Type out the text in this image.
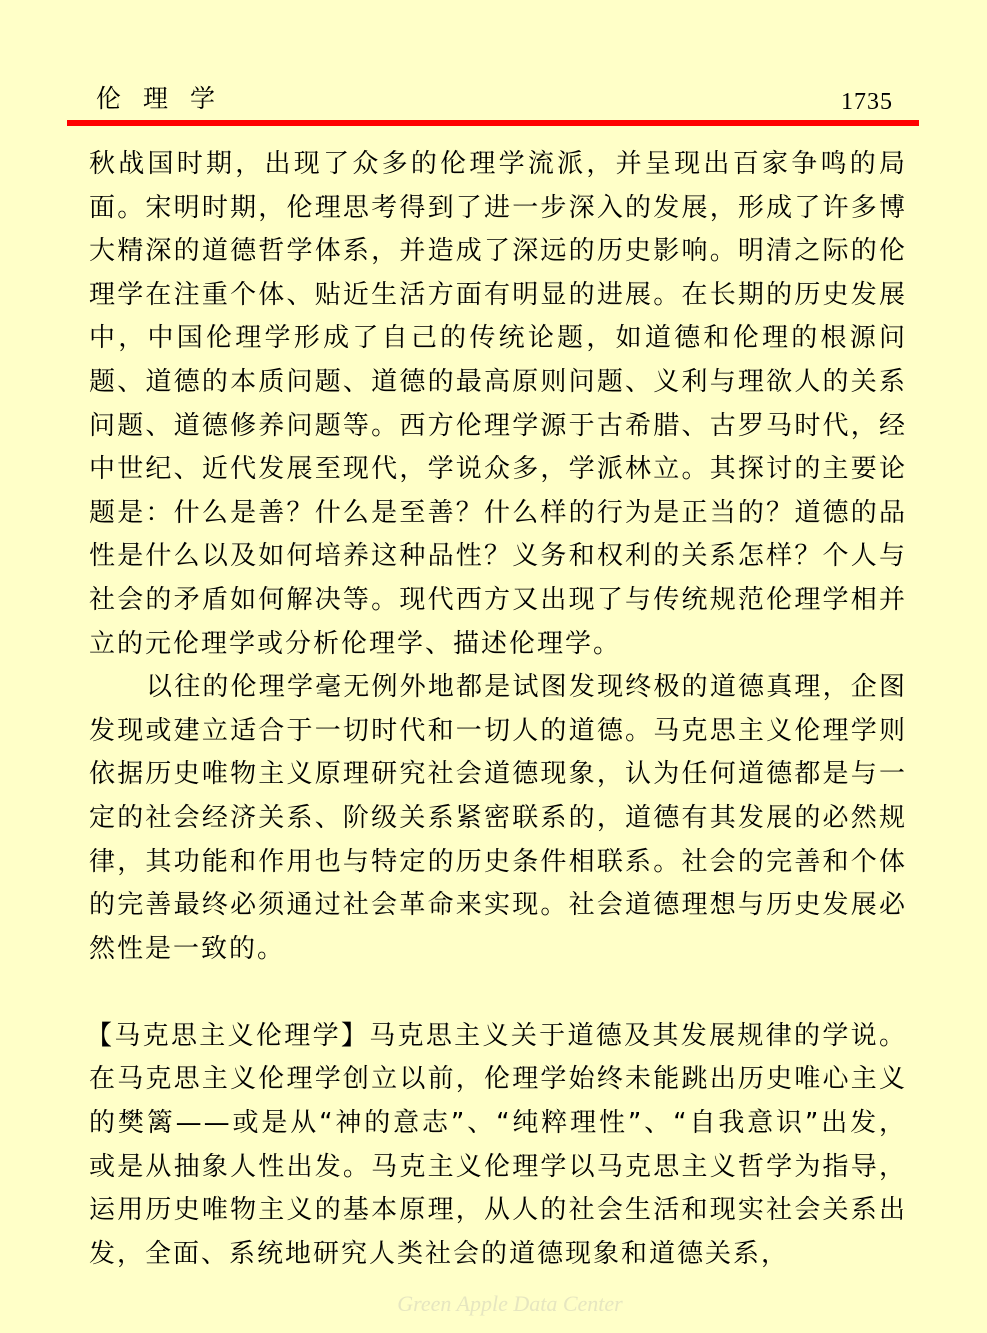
伦理学	1735

秋战国时期，出现了众多的伦理学流派，并呈现出百家争鸣的局面。宋明时期，伦理思考得到了进一步深入的发展，形成了许多博大精深的道德哲学体系，并造成了深远的历史影响。明清之际的伦理学在注重个体、贴近生活方面有明显的进展。在长期的历史发展中，中国伦理学形成了自己的传统论题，如道德和伦理的根源问题、道德的本质问题、道德的最高原则问题、义利与理欲人的关系问题、道德修养问题等。西方伦理学源于古希腊、古罗马时代，经中世纪、近代发展至现代，学说众多，学派林立。其探讨的主要论题是：什么是善？什么是至善？什么样的行为是正当的？道德的品性是什么以及如何培养这种品性？义务和权利的关系怎样？个人与社会的矛盾如何解决等。现代西方又出现了与传统规范伦理学相并立的元伦理学或分析伦理学、描述伦理学。

以往的伦理学毫无例外地都是试图发现终极的道德真理，企图发现或建立适合于一切时代和一切人的道德。马克思主义伦理学则依据历史唯物主义原理研究社会道德现象，认为任何道德都是与一定的社会经济关系、阶级关系紧密联系的，道德有其发展的必然规律，其功能和作用也与特定的历史条件相联系。社会的完善和个体的完善最终必须通过社会革命来实现。社会道德理想与历史发展必然性是一致的。

【马克思主义伦理学】马克思主义关于道德及其发展规律的学说。在马克思主义伦理学创立以前，伦理学始终未能跳出历史唯心主义的樊篱——或是从“神的意志”、“纯粹理性”、“自我意识”出发，或是从抽象人性出发。马克主义伦理学以马克思主义哲学为指导，运用历史唯物主义的基本原理，从人的社会生活和现实社会关系出发，全面、系统地研究人类社会的道德现象和道德关系，

Green Apple Data Center
